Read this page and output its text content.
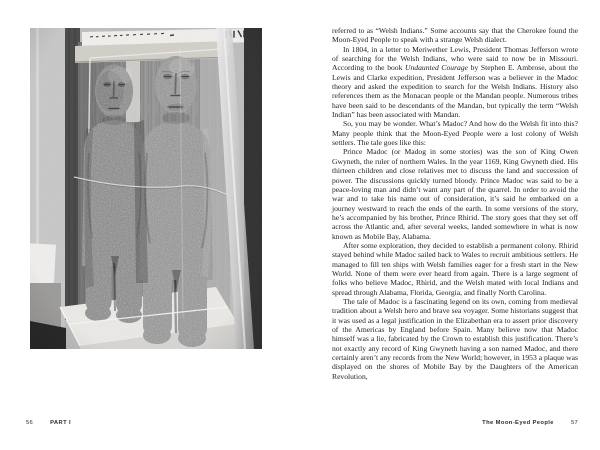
referred to as “Welsh Indians.” Some accounts say that the Cherokee found the Moon-Eyed People to speak with a strange Welsh dialect.

In 1804, in a letter to Meriwether Lewis, President Thomas Jefferson wrote of searching for the Welsh Indians, who were said to now be in Missouri. According to the book Undaunted Courage by Stephen E. Ambrose, about the Lewis and Clarke expedition, President Jefferson was a believer in the Madoc theory and asked the expedition to search for the Welsh Indians. History also references them as the Monacan people or the Mandan people. Numerous tribes have been said to be descendants of the Mandan, but typically the term “Welsh Indian” has been associated with Mandan.

So, you may be wonder. What’s Madoc? And how do the Welsh fit into this? Many people think that the Moon-Eyed People were a lost colony of Welsh settlers. The tale goes like this:

Prince Madoc (or Madog in some stories) was the son of King Owen Gwyneth, the ruler of northern Wales. In the year 1169, King Gwyneth died. His thirteen children and close relatives met to discuss the land and succession of power. The discussions quickly turned bloody. Prince Madoc was said to be a peace-loving man and didn’t want any part of the quarrel. In order to avoid the war and to take his name out of consideration, it’s said he embarked on a journey westward to reach the ends of the earth. In some versions of the story, he’s accompanied by his brother, Prince Rhirid. The story goes that they set off across the Atlantic and, after several weeks, landed somewhere in what is now known as Mobile Bay, Alabama.

After some exploration, they decided to establish a permanent colony. Rhirid stayed behind while Madoc sailed back to Wales to recruit ambitious settlers. He managed to fill ten ships with Welsh families eager for a fresh start in the New World. None of them were ever heard from again. There is a large segment of folks who believe Madoc, Rhirid, and the Welsh mated with local Indians and spread through Alabama, Florida, Georgia, and finally North Carolina.

The tale of Madoc is a fascinating legend on its own, coming from medieval tradition about a Welsh hero and brave sea voyager. Some historians suggest that it was used as a legal justification in the Elizabethan era to assert prior discovery of the Americas by England before Spain. Many believe now that Madoc himself was a lie, fabricated by the Crown to establish this justification. There’s not exactly any record of King Gwyneth having a son named Madoc, and there certainly aren’t any records from the New World; however, in 1953 a plaque was displayed on the shores of Mobile Bay by the Daughters of the American Revolution,

56	PART I	The Moon-Eyed People	57
